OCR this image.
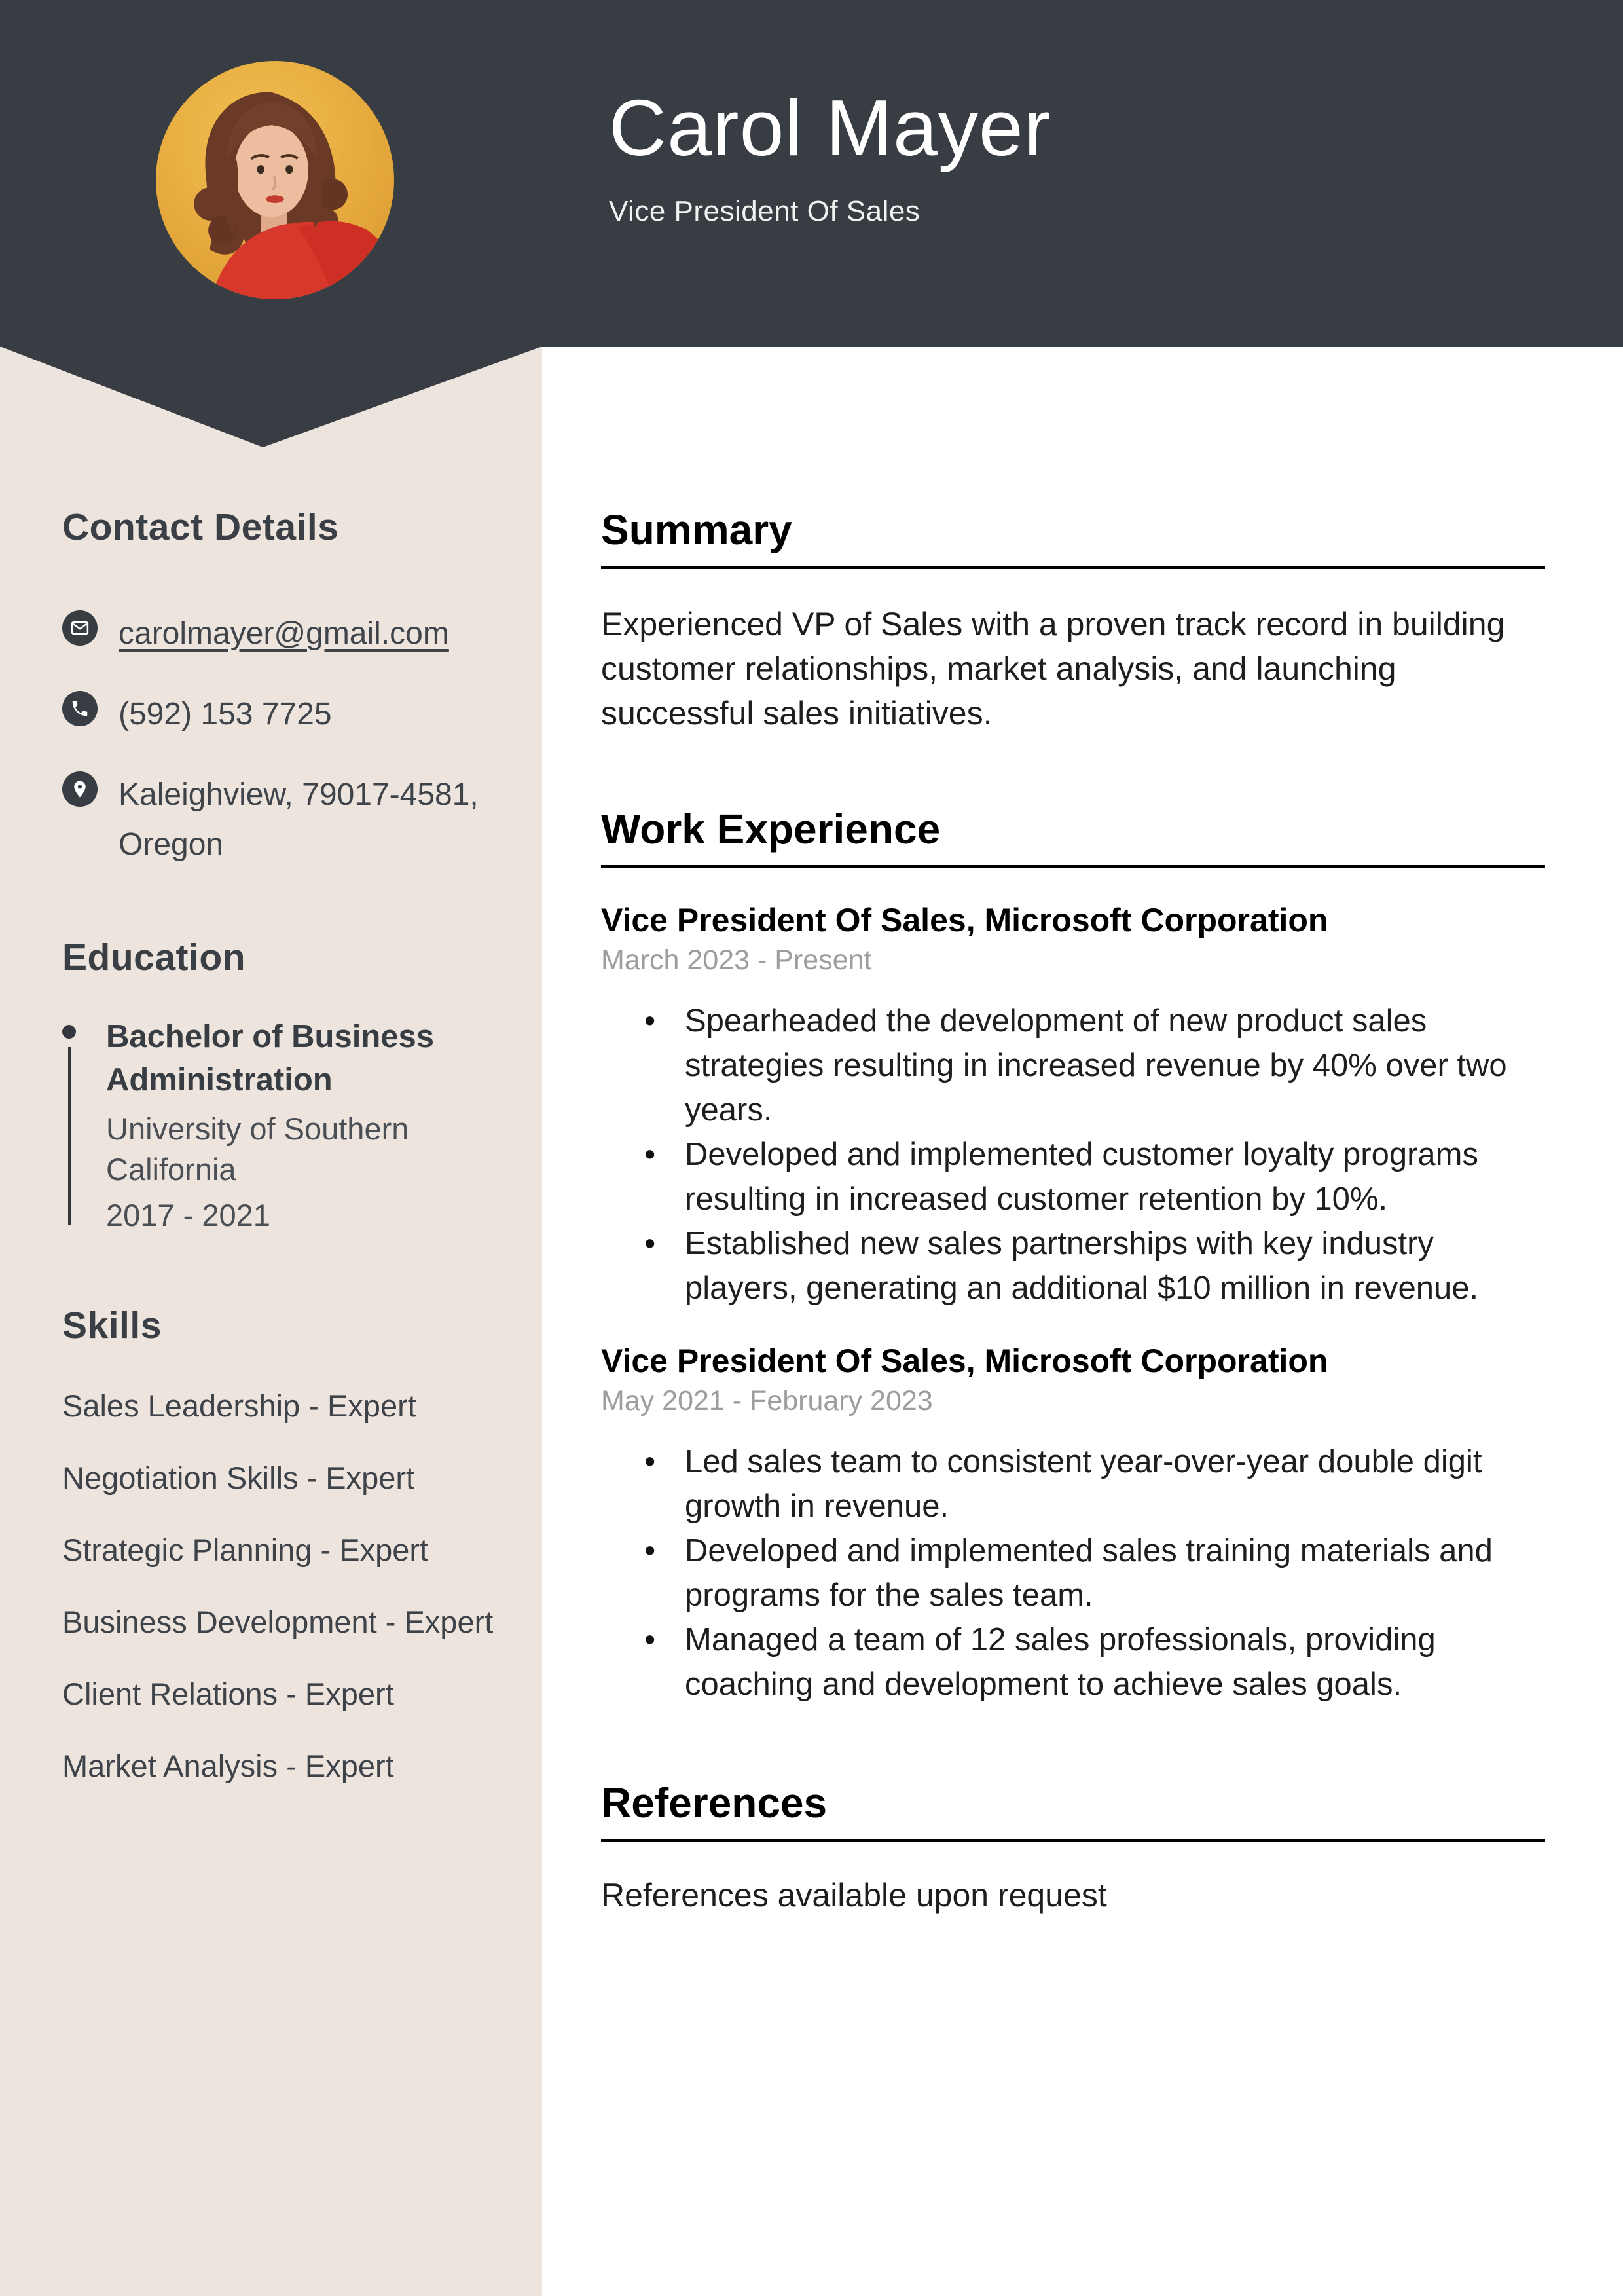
Carol Mayer
Vice President Of Sales
Contact Details
carolmayer@gmail.com
(592) 153 7725
Kaleighview, 79017-4581, Oregon
Education
Bachelor of Business Administration
University of Southern California
2017 - 2021
Skills
Sales Leadership - Expert
Negotiation Skills - Expert
Strategic Planning - Expert
Business Development - Expert
Client Relations - Expert
Market Analysis - Expert
Summary

Experienced VP of Sales with a proven track record in building customer relationships, market analysis, and launching successful sales initiatives.

Work Experience
Vice President Of Sales, Microsoft Corporation
March 2023 - Present
• Spearheaded the development of new product sales strategies resulting in increased revenue by 40% over two years.
• Developed and implemented customer loyalty programs resulting in increased customer retention by 10%.
• Established new sales partnerships with key industry players, generating an additional $10 million in revenue.
Vice President Of Sales, Microsoft Corporation
May 2021 - February 2023
• Led sales team to consistent year-over-year double digit growth in revenue.
• Developed and implemented sales training materials and programs for the sales team.
• Managed a team of 12 sales professionals, providing coaching and development to achieve sales goals.
References

References available upon request
